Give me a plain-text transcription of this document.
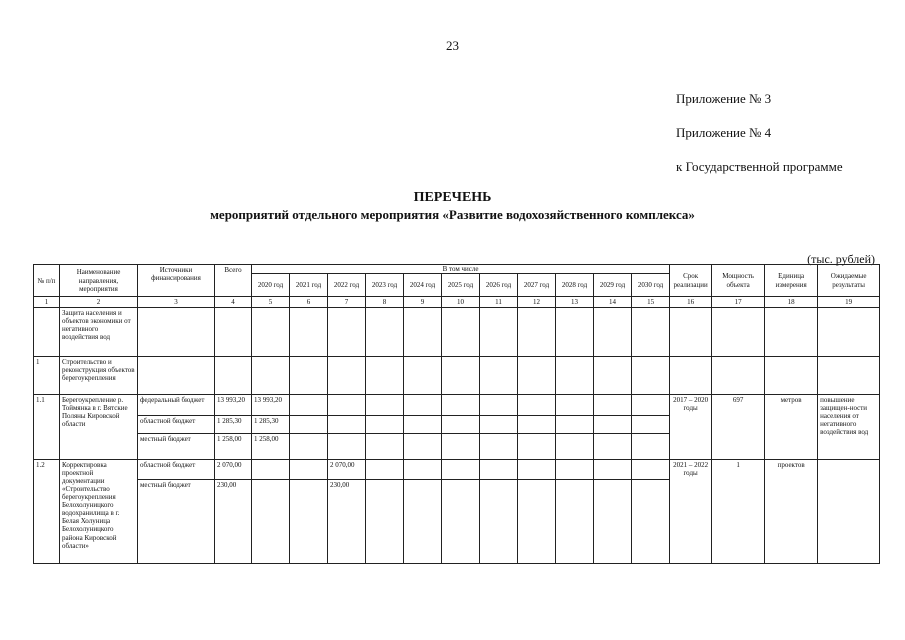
23
Приложение № 3
Приложение № 4
к Государственной программе
ПЕРЕЧЕНЬ
мероприятий отдельного мероприятия «Развитие водохозяйственного комплекса»
(тыс. рублей)
№ п/п	Наименование направления, мероприятия	Источники финансирования	Всего	В том числе											Срок реализации	Мощность объекта	Единица измерения	Ожидаемые результаты
				2020 год	2021 год	2022 год	2023 год	2024 год	2025 год	2026 год	2027 год	2028 год	2029 год	2030 год				
1	2	3	4	5	6	7	8	9	10	11	12	13	14	15	16	17	18	19
	Защита населения и объектов экономики от негативного воздействия вод																	
1	Строительство и реконструкция объектов берегоукрепления																	
1.1	Берегоукрепление р. Тоймянка в г. Вятские Поляны Кировской области	федеральный бюджет	13 993,20	13 993,20											2017 – 2020 годы	697	метров	повышение защищен-ности населения от негативного воздействия вод
		областной бюджет	1 285,30	1 285,30														
		местный бюджет	1 258,00	1 258,00														
1.2	Корректировка проектной документации «Строительство берегоукрепления Белохолуницкого водохранилища в г. Белая Холуница Белохолуницкого района Кировской области»	областной бюджет	2 070,00			2 070,00									2021 – 2022 годы	1	проектов	
		местный бюджет	230,00			230,00												
